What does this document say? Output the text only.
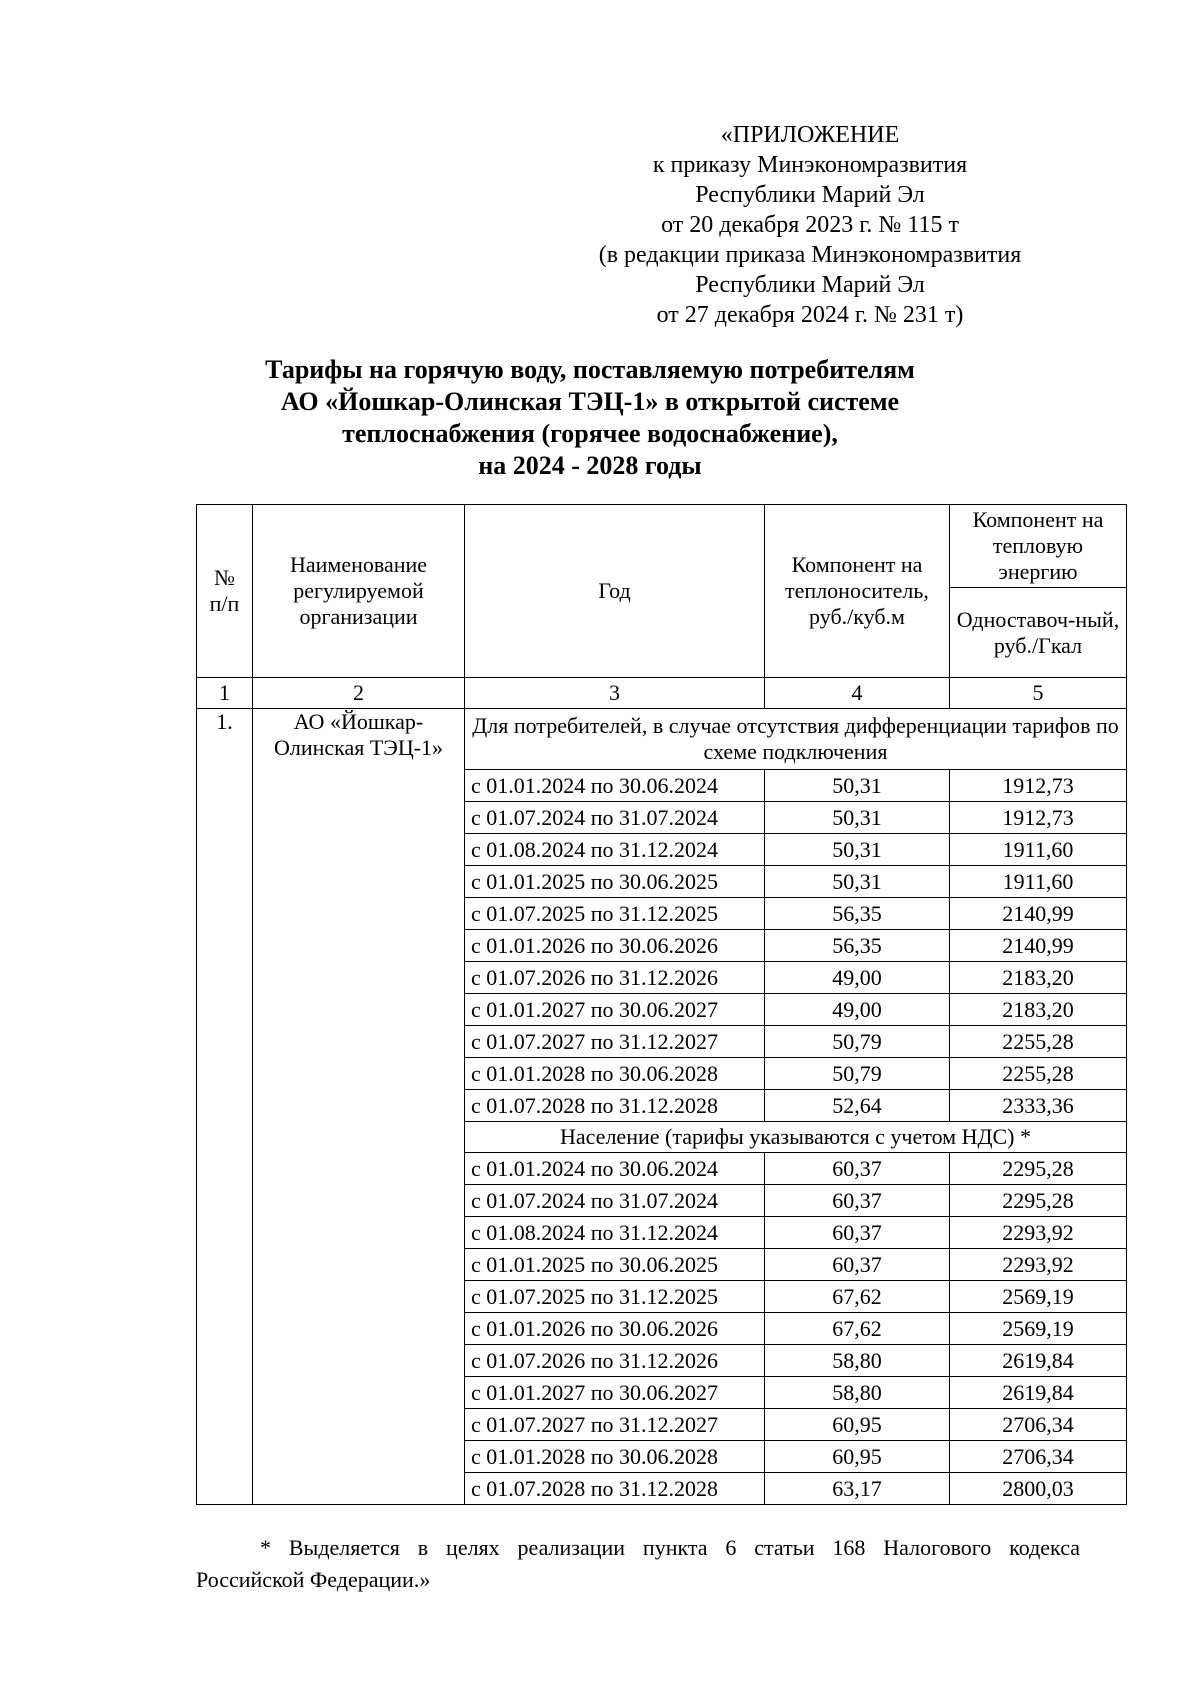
«ПРИЛОЖЕНИЕ
к приказу Минэкономразвития
Республики Марий Эл
от 20 декабря 2023 г. № 115 т
(в редакции приказа Минэкономразвития
Республики Марий Эл
от 27 декабря 2024 г. № 231 т)
Тарифы на горячую воду, поставляемую потребителям
АО «Йошкар-Олинская ТЭЦ-1» в открытой системе
теплоснабжения (горячее водоснабжение),
на 2024 - 2028 годы
№ п/п	Наименование регулируемой организации	Год	Компонент на теплоноситель, руб./куб.м	Компонент на тепловую энергию
				Одноставоч-ный, руб./Гкал
1	2	3	4	5
1.	АО «Йошкар-Олинская ТЭЦ-1»	Для потребителей, в случае отсутствия дифференциации тарифов по схеме подключения		
		с 01.01.2024 по 30.06.2024	50,31	1912,73
		с 01.07.2024 по 31.07.2024	50,31	1912,73
		с 01.08.2024 по 31.12.2024	50,31	1911,60
		с 01.01.2025 по 30.06.2025	50,31	1911,60
		с 01.07.2025 по 31.12.2025	56,35	2140,99
		с 01.01.2026 по 30.06.2026	56,35	2140,99
		с 01.07.2026 по 31.12.2026	49,00	2183,20
		с 01.01.2027 по 30.06.2027	49,00	2183,20
		с 01.07.2027 по 31.12.2027	50,79	2255,28
		с 01.01.2028 по 30.06.2028	50,79	2255,28
		с 01.07.2028 по 31.12.2028	52,64	2333,36
		Население (тарифы указываются с учетом НДС) *		
		с 01.01.2024 по 30.06.2024	60,37	2295,28
		с 01.07.2024 по 31.07.2024	60,37	2295,28
		с 01.08.2024 по 31.12.2024	60,37	2293,92
		с 01.01.2025 по 30.06.2025	60,37	2293,92
		с 01.07.2025 по 31.12.2025	67,62	2569,19
		с 01.01.2026 по 30.06.2026	67,62	2569,19
		с 01.07.2026 по 31.12.2026	58,80	2619,84
		с 01.01.2027 по 30.06.2027	58,80	2619,84
		с 01.07.2027 по 31.12.2027	60,95	2706,34
		с 01.01.2028 по 30.06.2028	60,95	2706,34
		с 01.07.2028 по 31.12.2028	63,17	2800,03
* Выделяется в целях реализации пункта 6 статьи 168 Налогового кодекса
Российской Федерации.»
